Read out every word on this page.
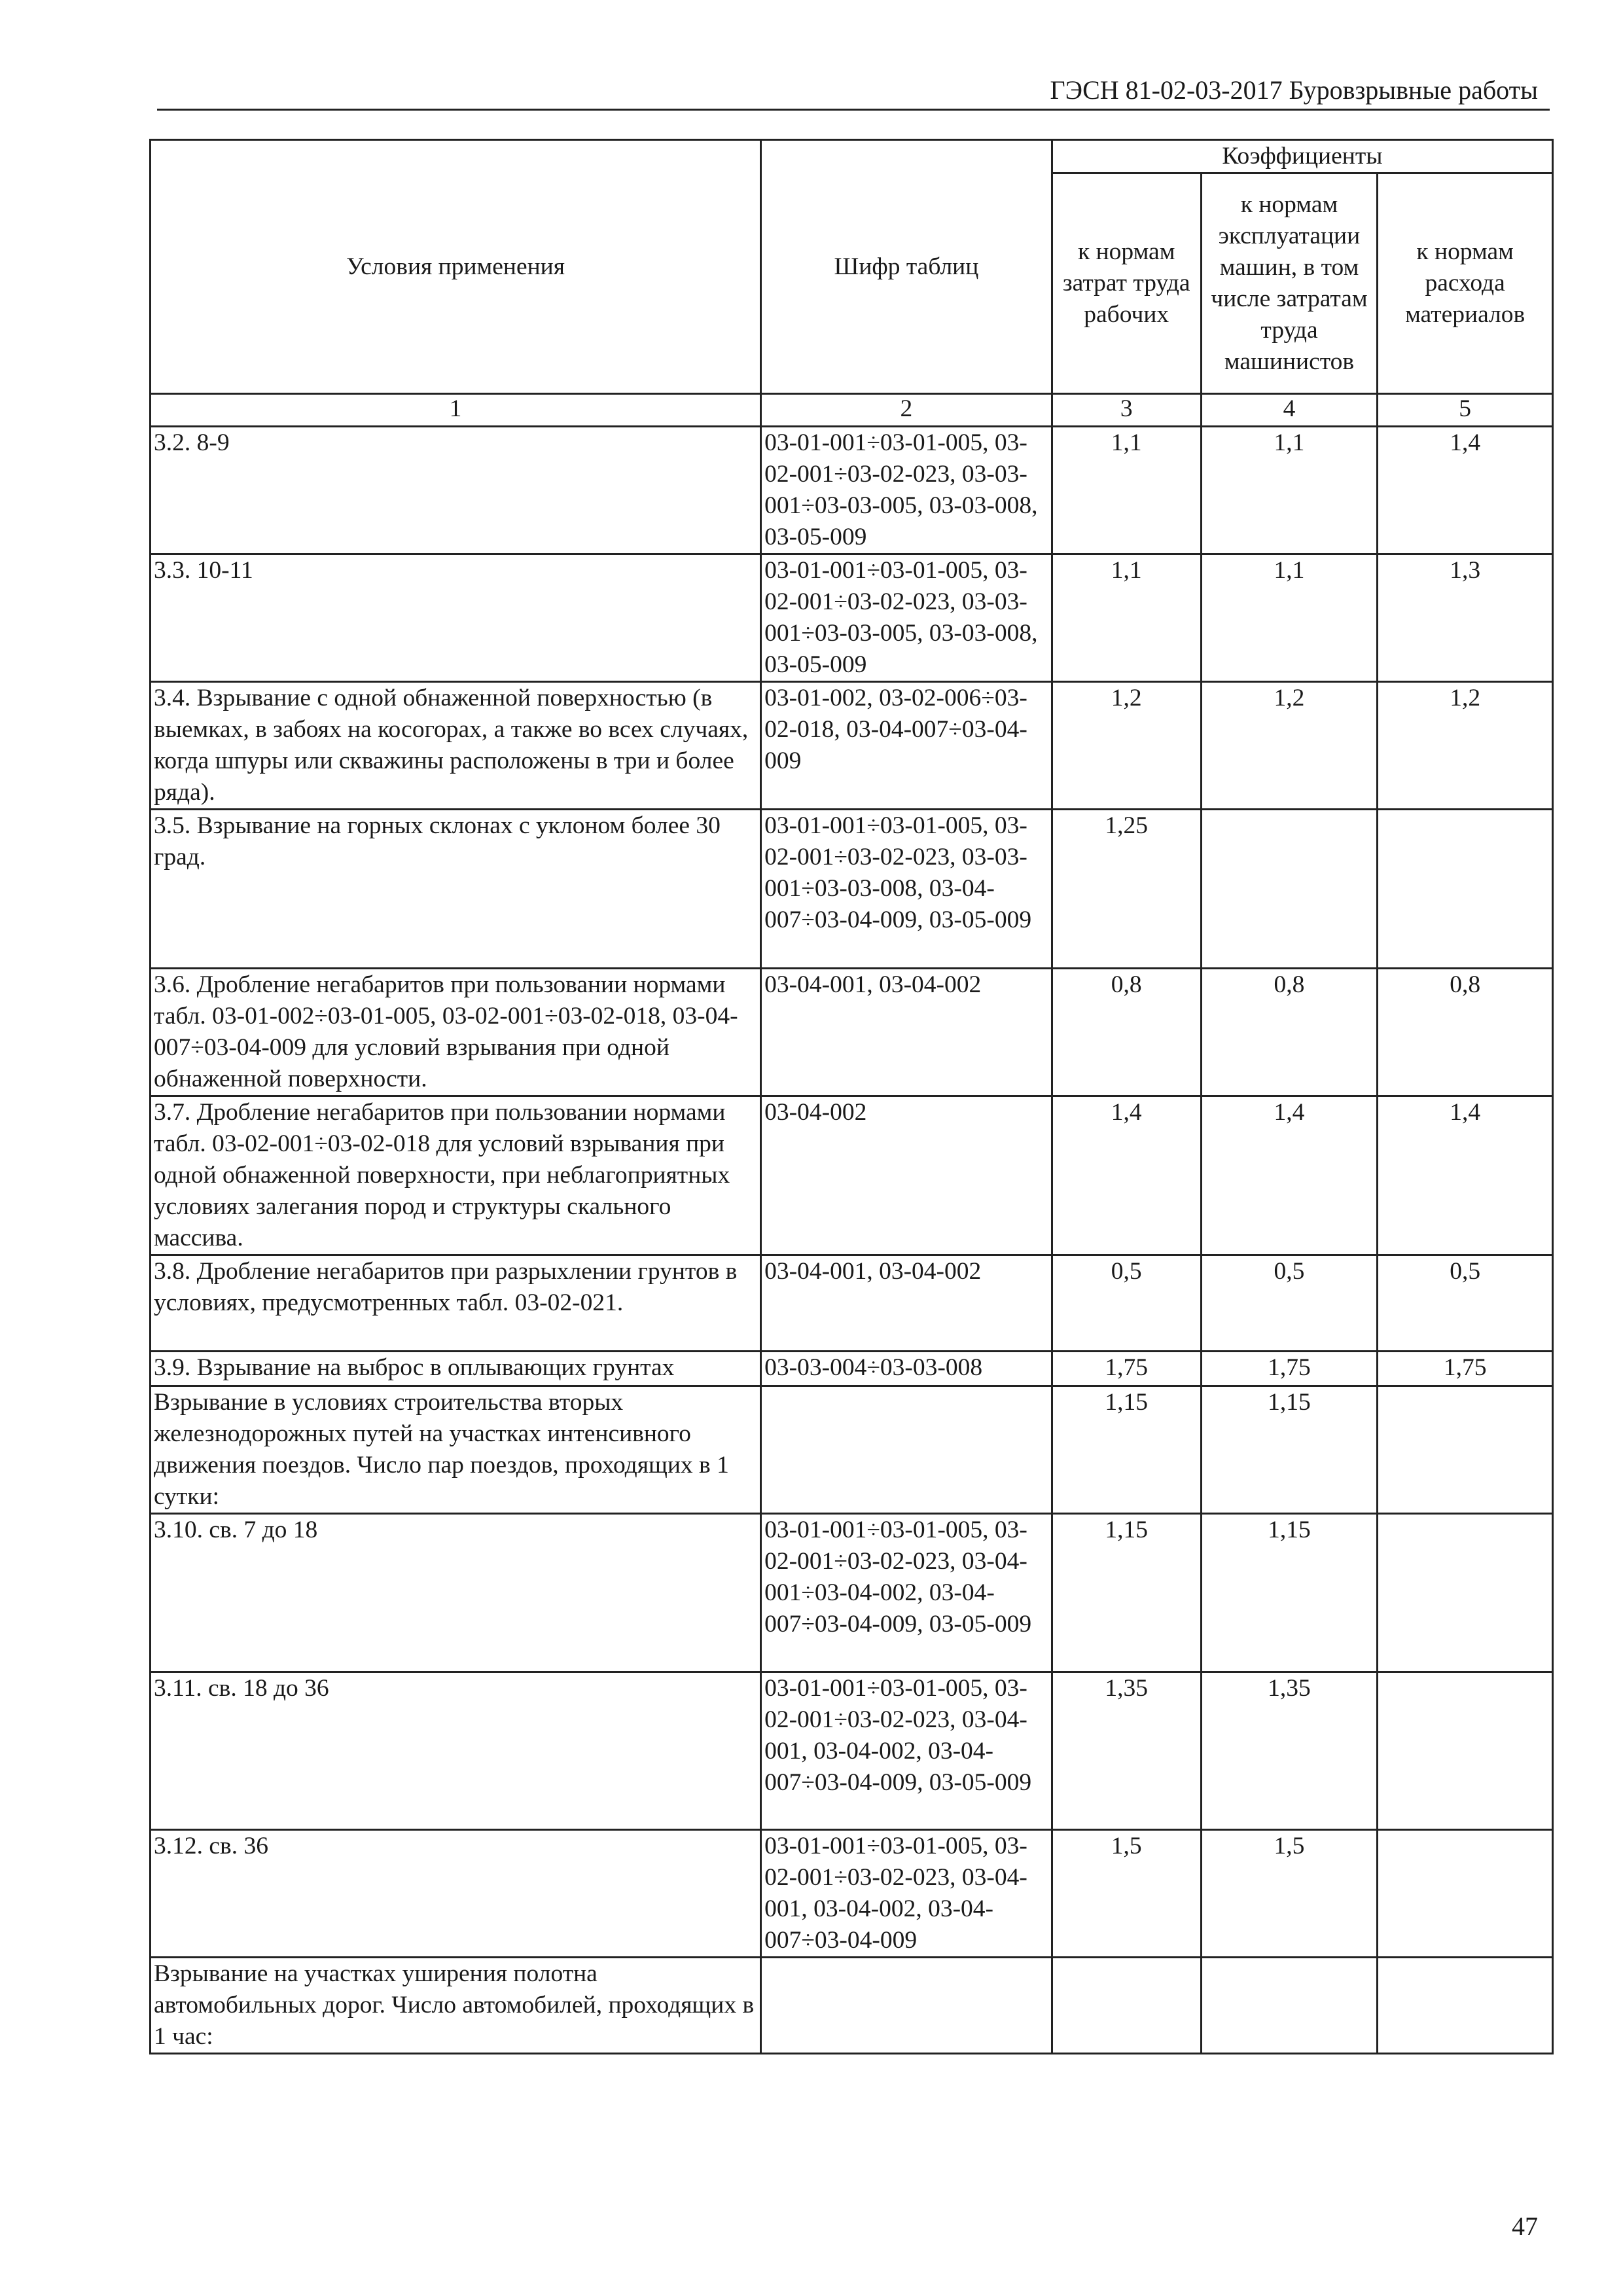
ГЭСН 81-02-03-2017 Буровзрывные работы
Условия применения	Шифр таблиц	Коэффициенты		
		к нормам затрат труда рабочих	к нормам эксплуатации машин, в том числе затратам труда машинистов	к нормам расхода материалов
1	2	3	4	5
3.2. 8-9	03-01-001÷03-01-005, 03-02-001÷03-02-023, 03-03-001÷03-03-005, 03-03-008, 03-05-009	1,1	1,1	1,4
3.3. 10-11	03-01-001÷03-01-005, 03-02-001÷03-02-023, 03-03-001÷03-03-005, 03-03-008, 03-05-009	1,1	1,1	1,3
3.4. Взрывание с одной обнаженной поверхностью (в выемках, в забоях на косогорах, а также во всех случаях, когда шпуры или скважины расположены в три и более ряда).	03-01-002, 03-02-006÷03-02-018, 03-04-007÷03-04-009	1,2	1,2	1,2
3.5. Взрывание на горных склонах с уклоном более 30 град.	03-01-001÷03-01-005, 03-02-001÷03-02-023, 03-03-001÷03-03-008, 03-04-007÷03-04-009, 03-05-009	1,25		
3.6. Дробление негабаритов при пользовании нормами табл. 03-01-002÷03-01-005, 03-02-001÷03-02-018, 03-04-007÷03-04-009 для условий взрывания при одной обнаженной поверхности.	03-04-001, 03-04-002	0,8	0,8	0,8
3.7. Дробление негабаритов при пользовании нормами табл. 03-02-001÷03-02-018 для условий взрывания при одной обнаженной поверхности, при неблагоприятных условиях залегания пород и структуры скального массива.	03-04-002	1,4	1,4	1,4
3.8. Дробление негабаритов при разрыхлении грунтов в условиях, предусмотренных табл. 03-02-021.	03-04-001, 03-04-002	0,5	0,5	0,5
3.9. Взрывание на выброс в оплывающих грунтах	03-03-004÷03-03-008	1,75	1,75	1,75
Взрывание в условиях строительства вторых железнодорожных путей на участках интенсивного движения поездов. Число пар поездов, проходящих в 1 сутки:		1,15	1,15	
3.10. св. 7 до 18	03-01-001÷03-01-005, 03-02-001÷03-02-023, 03-04-001÷03-04-002, 03-04-007÷03-04-009, 03-05-009	1,15	1,15	
3.11. св. 18 до 36	03-01-001÷03-01-005, 03-02-001÷03-02-023, 03-04-001, 03-04-002, 03-04-007÷03-04-009, 03-05-009	1,35	1,35	
3.12. св. 36	03-01-001÷03-01-005, 03-02-001÷03-02-023, 03-04-001, 03-04-002, 03-04-007÷03-04-009	1,5	1,5	
Взрывание на участках уширения полотна автомобильных дорог. Число автомобилей, проходящих в 1 час:				
47
